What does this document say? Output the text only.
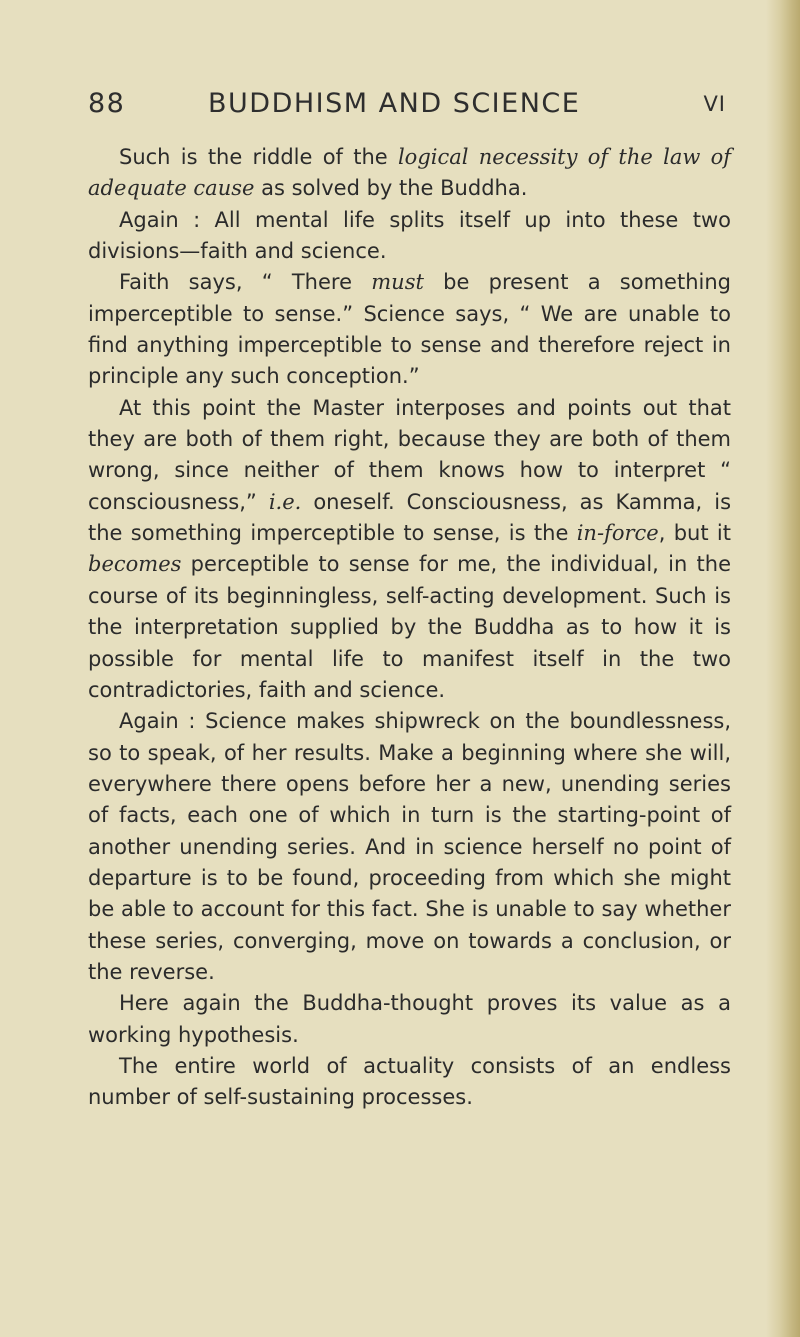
88	BUDDHISM AND SCIENCE	VI

Such is the riddle of the logical necessity of the law of adequate cause as solved by the Buddha.

Again : All mental life splits itself up into these two divisions—faith and science.

Faith says, “ There must be present a something imperceptible to sense.” Science says, “ We are unable to find anything imperceptible to sense and therefore reject in principle any such conception.”

At this point the Master interposes and points out that they are both of them right, because they are both of them wrong, since neither of them knows how to interpret “ consciousness,” i.e. oneself. Consciousness, as Kamma, is the something imperceptible to sense, is the in-force, but it becomes perceptible to sense for me, the individual, in the course of its beginningless, self-acting development. Such is the interpretation supplied by the Buddha as to how it is possible for mental life to manifest itself in the two contradictories, faith and science.

Again : Science makes shipwreck on the boundlessness, so to speak, of her results. Make a beginning where she will, everywhere there opens before her a new, unending series of facts, each one of which in turn is the starting-point of another unending series. And in science herself no point of departure is to be found, proceeding from which she might be able to account for this fact. She is unable to say whether these series, converging, move on towards a conclusion, or the reverse.

Here again the Buddha-thought proves its value as a working hypothesis.

The entire world of actuality consists of an endless number of self-sustaining processes.
